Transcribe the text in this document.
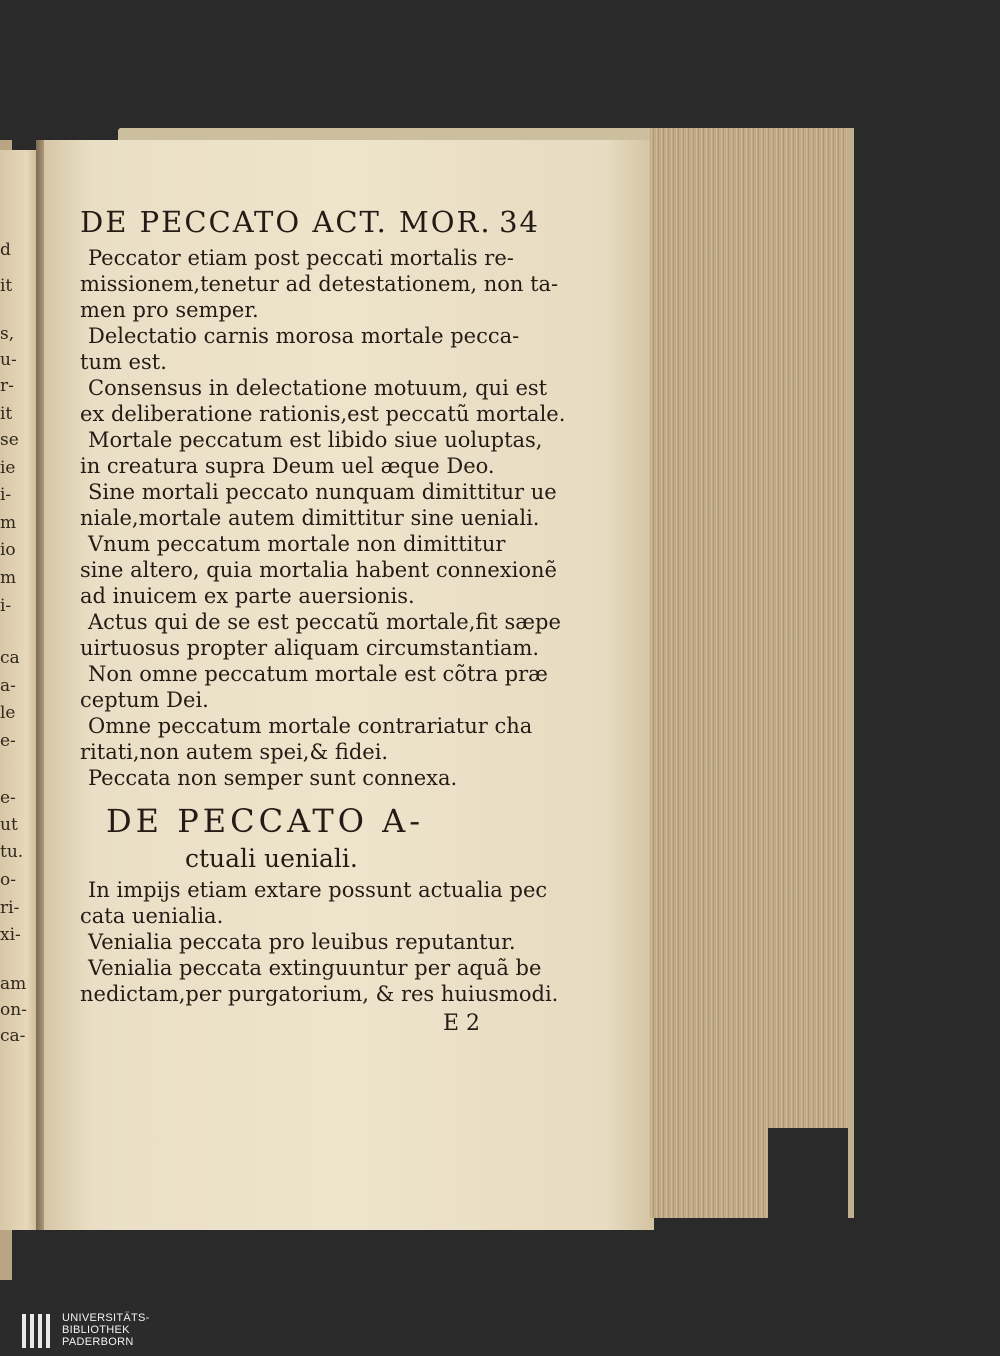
d
it
s,
u-
r-
it
se
ie
i-
m
io
m
i-
ca
a-
le
e-
e-
ut
tu.
o-
ri-
xi-
am
on-
ca-
DE PECCATO ACT. MOR. 34
Peccator etiam post peccati mortalis re-
missionem,tenetur ad detestationem, non ta-
men pro semper.
Delectatio carnis morosa mortale pecca-
tum est.
Consensus in delectatione motuum, qui est
ex deliberatione rationis,est peccatũ mortale.
Mortale peccatum est libido siue uoluptas,
in creatura supra Deum uel æque Deo.
Sine mortali peccato nunquam dimittitur ue
niale,mortale autem dimittitur sine ueniali.
Vnum peccatum mortale non dimittitur
sine altero, quia mortalia habent connexionẽ
ad inuicem ex parte auersionis.
Actus qui de se est peccatũ mortale,fit sæpe
uirtuosus propter aliquam circumstantiam.
Non omne peccatum mortale est cõtra præ
ceptum Dei.
Omne peccatum mortale contrariatur cha
ritati,non autem spei,& fidei.
Peccata non semper sunt connexa.
DE PECCATO A-
ctuali ueniali.
In impijs etiam extare possunt actualia pec
cata uenialia.
Venialia peccata pro leuibus reputantur.
Venialia peccata extinguuntur per aquã be
nedictam,per purgatorium, & res huiusmodi.
E 2
UNIVERSITÄTS-
BIBLIOTHEK
PADERBORN
